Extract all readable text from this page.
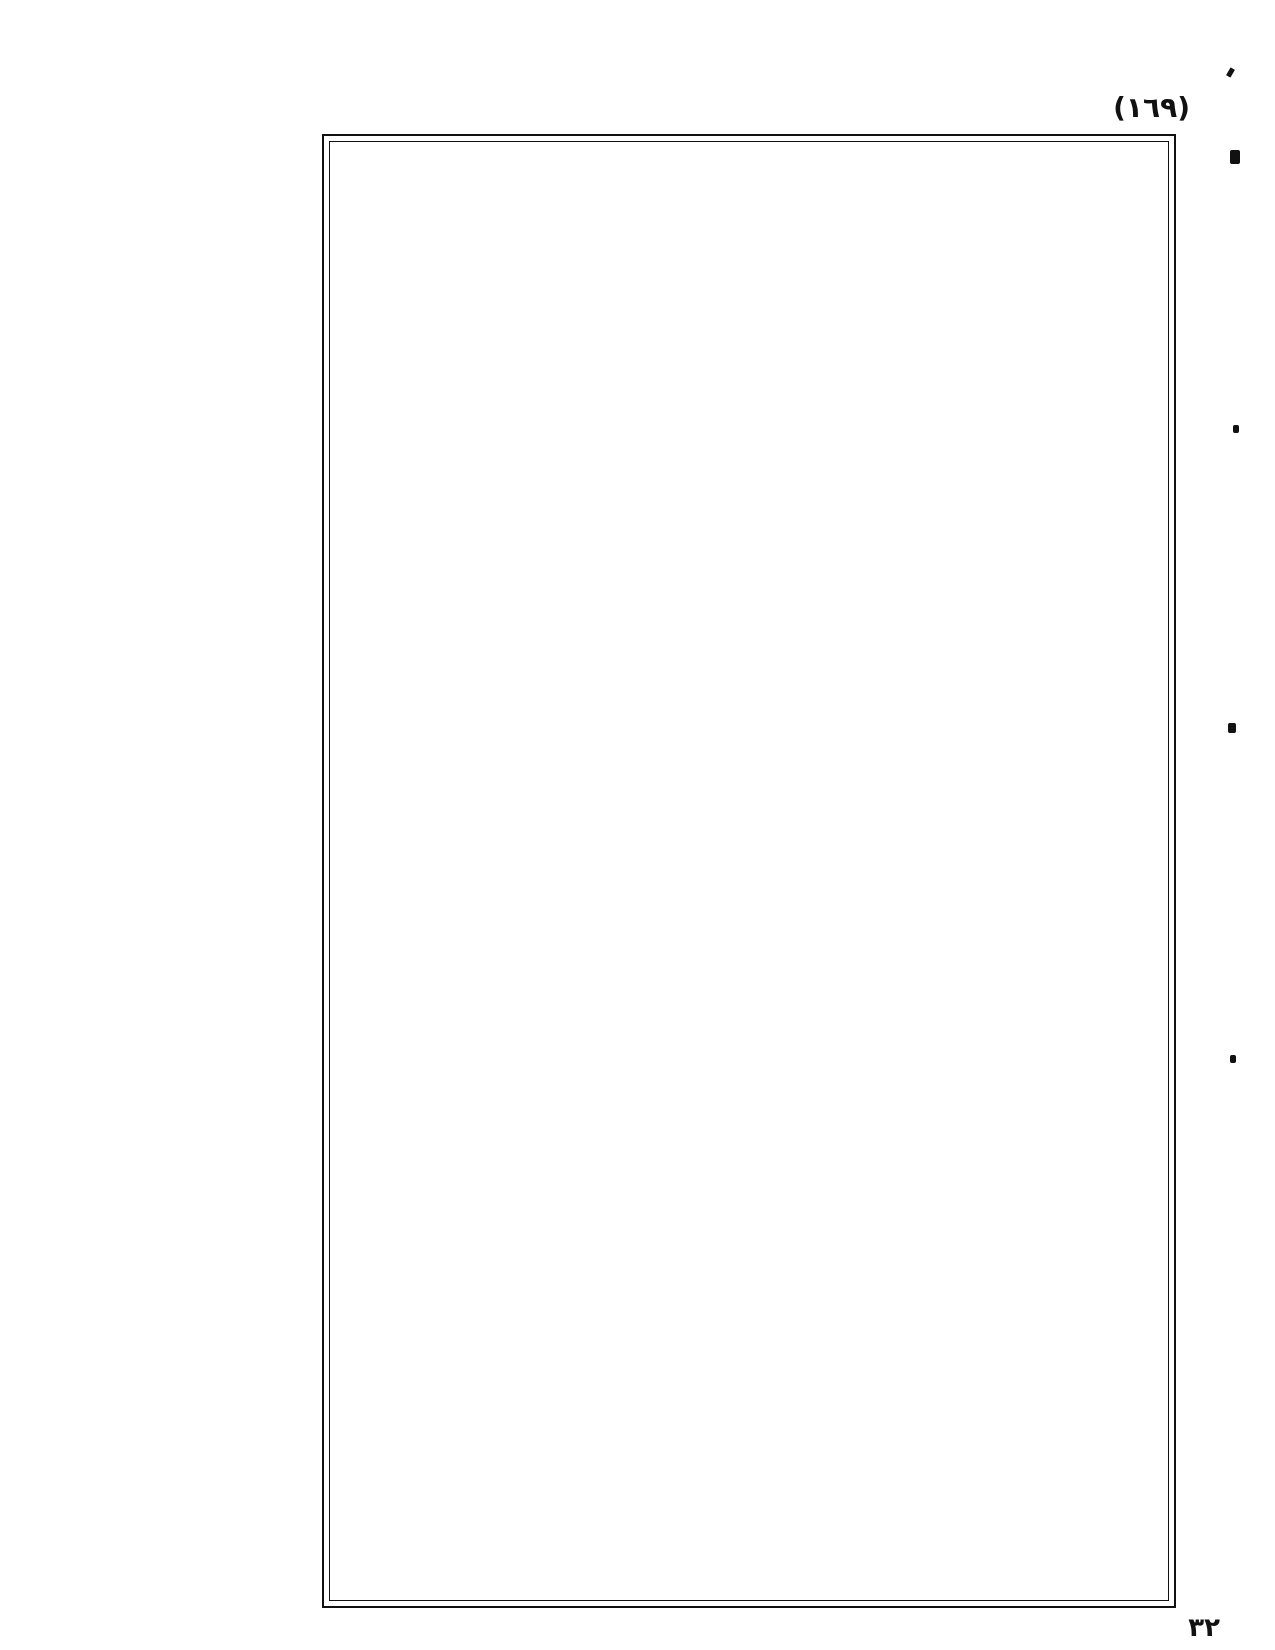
(١٦٩)
٣٢
